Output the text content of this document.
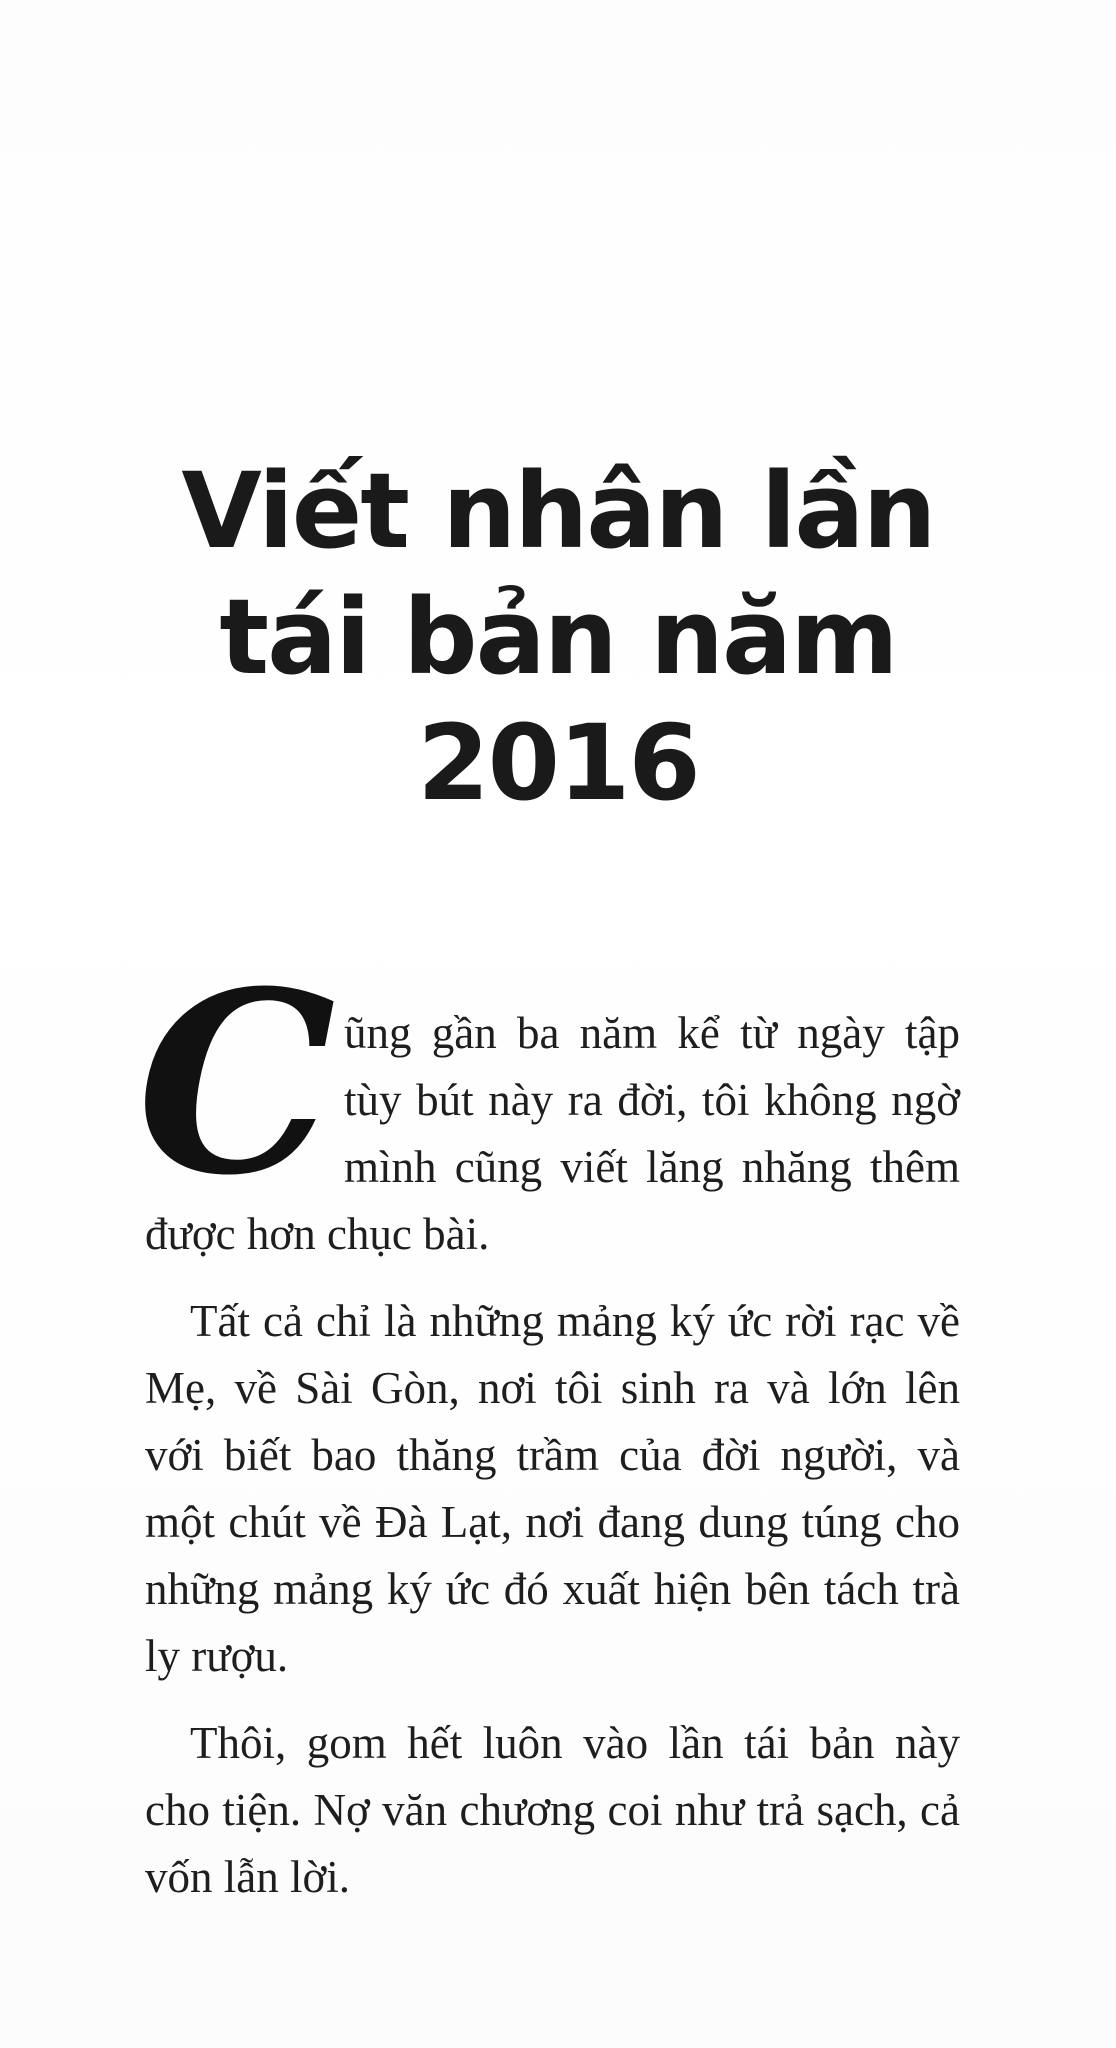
Viết nhân lần
tái bản năm
2016

Cũng gần ba năm kể từ ngày tập tùy bút này ra đời, tôi không ngờ mình cũng viết lăng nhăng thêm được hơn chục bài.

Tất cả chỉ là những mảng ký ức rời rạc về Mẹ, về Sài Gòn, nơi tôi sinh ra và lớn lên với biết bao thăng trầm của đời người, và một chút về Đà Lạt, nơi đang dung túng cho những mảng ký ức đó xuất hiện bên tách trà ly rượu.

Thôi, gom hết luôn vào lần tái bản này cho tiện. Nợ văn chương coi như trả sạch, cả vốn lẫn lời.
